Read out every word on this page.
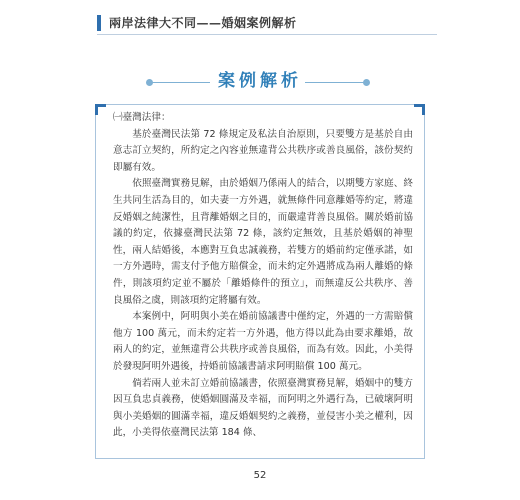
兩岸法律大不同——婚姻案例解析
案例解析

㈠臺灣法律：

基於臺灣民法第 72 條規定及私法自治原則，只要雙方是基於自由意志訂立契約，所約定之內容並無違背公共秩序或善良風俗，該份契約即屬有效。

依照臺灣實務見解，由於婚姻乃係兩人的結合，以期雙方家庭、終生共同生活為目的，如夫妻一方外遇，就無條件同意離婚等約定，將違反婚姻之純潔性，且背離婚姻之目的，而嚴違背善良風俗。關於婚前協議的約定，依據臺灣民法第 72 條，該約定無效，且基於婚姻的神聖性，兩人結婚後，本應對互負忠誠義務，若雙方的婚前約定僅承諾，如一方外遇時，需支付予他方賠償金，而未約定外遇將成為兩人離婚的條件，則該項約定並不屬於「離婚條件的預立」，而無違反公共秩序、善良風俗之虞，則該項約定將屬有效。

本案例中，阿明與小美在婚前協議書中僅約定，外遇的一方需賠償他方 100 萬元，而未約定若一方外遇，他方得以此為由要求離婚，故兩人的約定，並無違背公共秩序或善良風俗，而為有效。因此，小美得於發現阿明外遇後，持婚前協議書請求阿明賠償 100 萬元。

倘若兩人並未訂立婚前協議書，依照臺灣實務見解，婚姻中的雙方因互負忠貞義務，使婚姻圓滿及幸福，而阿明之外遇行為，已破壞阿明與小美婚姻的圓滿幸福，違反婚姻契約之義務，並侵害小美之權利，因此，小美得依臺灣民法第 184 條、

52
